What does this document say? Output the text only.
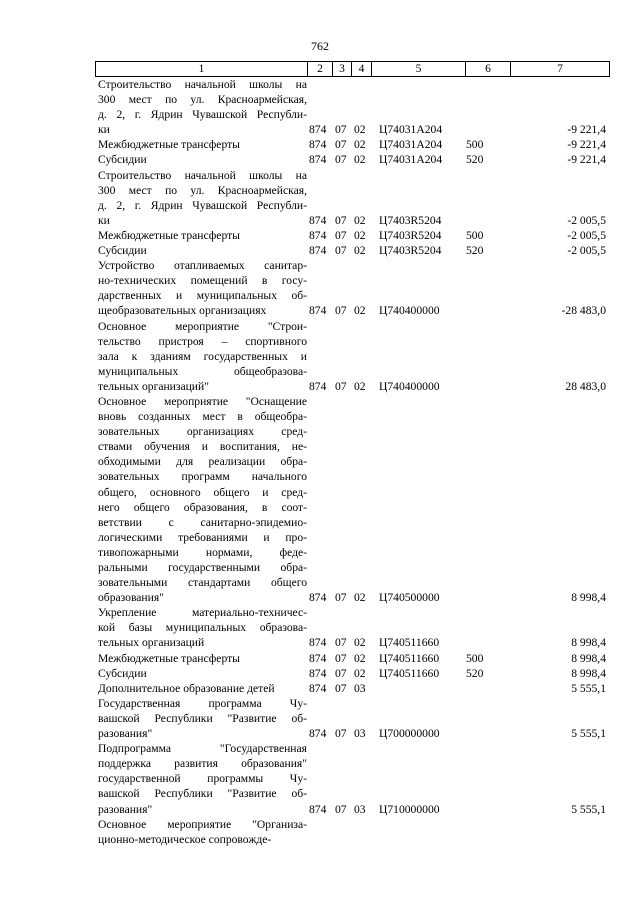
762
1	2	3	4	5	6	7
Строительство начальной школы на
300 мест по ул. Красноармейская,
д. 2, г. Ядрин Чувашской Республи-
ки	874 07 02	Ц74031А204	-9 221,4
Межбюджетные трансферты	874 07 02	Ц74031А204	500	-9 221,4
Субсидии	874 07 02	Ц74031А204	520	-9 221,4
Строительство начальной школы на
300 мест по ул. Красноармейская,
д. 2, г. Ядрин Чувашской Республи-
ки	874 07 02	Ц7403R5204	-2 005,5
Межбюджетные трансферты	874 07 02	Ц7403R5204	500	-2 005,5
Субсидии	874 07 02	Ц7403R5204	520	-2 005,5
Устройство отапливаемых санитар-
но-технических помещений в госу-
дарственных и муниципальных об-
щеобразовательных организациях	874 07 02	Ц740400000	-28 483,0
Основное мероприятие "Строи-
тельство пристроя – спортивного
зала к зданиям государственных и
муниципальных общеобразова-
тельных организаций"	874 07 02	Ц740400000	28 483,0
Основное мероприятие "Оснащение
вновь созданных мест в общеобра-
зовательных организациях сред-
ствами обучения и воспитания, не-
обходимыми для реализации обра-
зовательных программ начального
общего, основного общего и сред-
него общего образования, в соот-
ветствии с санитарно-эпидемио-
логическими требованиями и про-
тивопожарными нормами, феде-
ральными государственными обра-
зовательными стандартами общего
образования"	874 07 02	Ц740500000	8 998,4
Укрепление материально-техничес-
кой базы муниципальных образова-
тельных организаций	874 07 02	Ц740511660	8 998,4
Межбюджетные трансферты	874 07 02	Ц740511660	500	8 998,4
Субсидии	874 07 02	Ц740511660	520	8 998,4
Дополнительное образование детей	874 07 03	5 555,1
Государственная программа Чу-
вашской Республики "Развитие об-
разования"	874 07 03	Ц700000000	5 555,1
Подпрограмма "Государственная
поддержка развития образования"
государственной программы Чу-
вашской Республики "Развитие об-
разования"	874 07 03	Ц710000000	5 555,1
Основное мероприятие "Организа-
ционно-методическое сопровожде-
